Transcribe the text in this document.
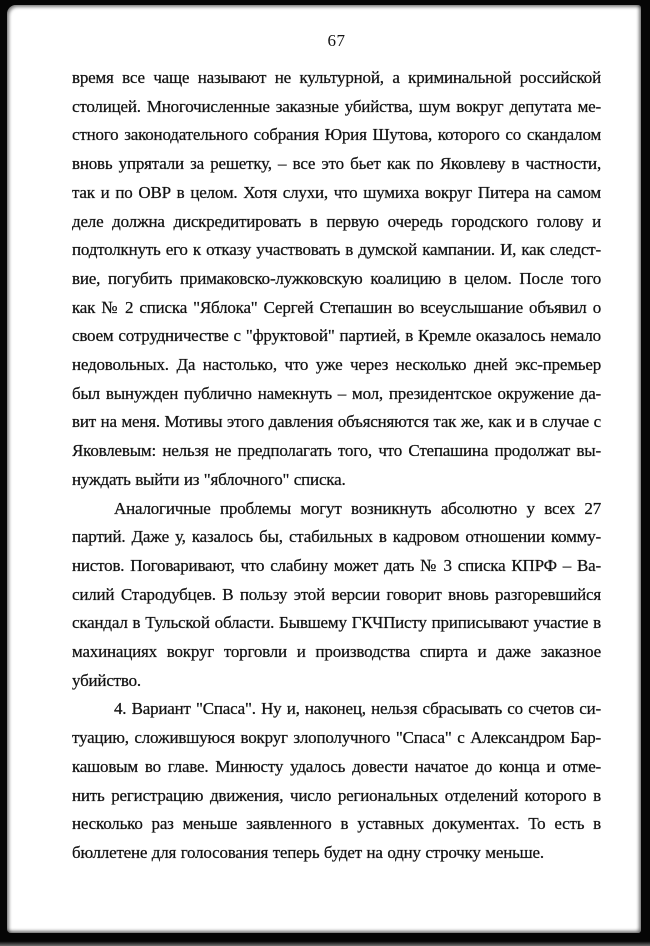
67
время все чаще называют не культурной, а криминальной российской
столицей. Многочисленные заказные убийства, шум вокруг депутата ме-
стного законодательного собрания Юрия Шутова, которого со скандалом
вновь упрятали за решетку, – все это бьет как по Яковлеву в частности,
так и по ОВР в целом. Хотя слухи, что шумиха вокруг Питера на самом
деле должна дискредитировать в первую очередь городского голову и
подтолкнуть его к отказу участвовать в думской кампании. И, как следст-
вие, погубить примаковско-лужковскую коалицию в целом. После того
как № 2 списка "Яблока" Сергей Степашин во всеуслышание объявил о
своем сотрудничестве с "фруктовой" партией, в Кремле оказалось немало
недовольных. Да настолько, что уже через несколько дней экс-премьер
был вынужден публично намекнуть – мол, президентское окружение да-
вит на меня. Мотивы этого давления объясняются так же, как и в случае с
Яковлевым: нельзя не предполагать того, что Степашина продолжат вы-
нуждать выйти из "яблочного" списка.
Аналогичные проблемы могут возникнуть абсолютно у всех 27
партий. Даже у, казалось бы, стабильных в кадровом отношении комму-
нистов. Поговаривают, что слабину может дать № 3 списка КПРФ – Ва-
силий Стародубцев. В пользу этой версии говорит вновь разгоревшийся
скандал в Тульской области. Бывшему ГКЧПисту приписывают участие в
махинациях вокруг торговли и производства спирта и даже заказное
убийство.
4. Вариант "Спаса". Ну и, наконец, нельзя сбрасывать со счетов си-
туацию, сложившуюся вокруг злополучного "Спаса" с Александром Бар-
кашовым во главе. Минюсту удалось довести начатое до конца и отме-
нить регистрацию движения, число региональных отделений которого в
несколько раз меньше заявленного в уставных документах. То есть в
бюллетене для голосования теперь будет на одну строчку меньше.
